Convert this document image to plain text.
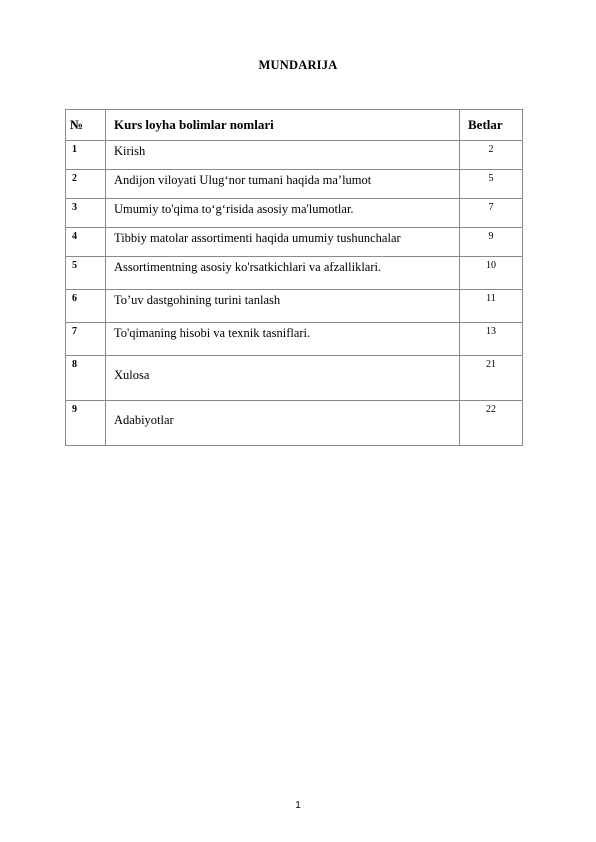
MUNDARIJA
№	Kurs loyha bolimlar nomlari	Betlar

1	Kirish	2

2	Andijon viloyati Ulug‘nor tumani haqida ma’lumot	5

3	Umumiy to'qima to‘g‘risida asosiy ma'lumotlar.	7

4	Tibbiy matolar assortimenti haqida umumiy tushunchalar	9

5	Assortimentning asosiy ko'rsatkichlari va afzalliklari.	10

6	To’uv dastgohining turini tanlash	11

7	To'qimaning hisobi va texnik tasniflari.	13

8	Xulosa	21

9	Adabiyotlar	22
1
